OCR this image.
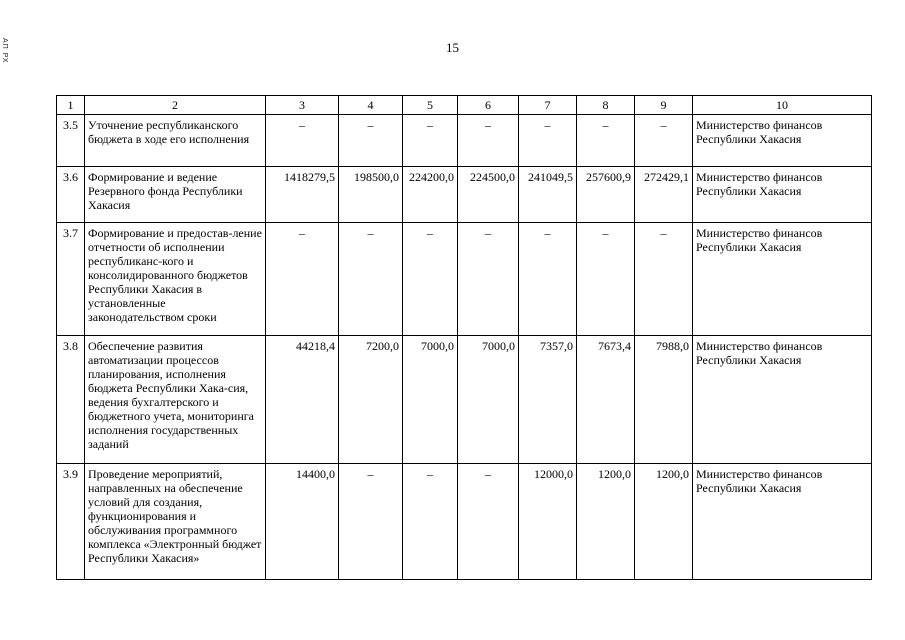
АП РХ	15
1	2	3	4	5	6	7	8	9	10
3.5	Уточнение республиканского бюджета в ходе его исполнения	–	–	–	–	–	–	–	Министерство финансов Республики Хакасия
3.6	Формирование и ведение Резервного фонда Республики Хакасия	1418279,5	198500,0	224200,0	224500,0	241049,5	257600,9	272429,1	Министерство финансов Республики Хакасия
3.7	Формирование и предостав-ление отчетности об исполнении республиканс-кого и консолидированного бюджетов Республики Хакасия в установленные законодательством сроки	–	–	–	–	–	–	–	Министерство финансов Республики Хакасия
3.8	Обеспечение развития автоматизации процессов планирования, исполнения бюджета Республики Хака-сия, ведения бухгалтерского и бюджетного учета, мониторинга исполнения государственных заданий	44218,4	7200,0	7000,0	7000,0	7357,0	7673,4	7988,0	Министерство финансов Республики Хакасия
3.9	Проведение мероприятий, направленных на обеспечение условий для создания, функционирования и обслуживания программного комплекса «Электронный бюджет Республики Хакасия»	14400,0	–	–	–	12000,0	1200,0	1200,0	Министерство финансов Республики Хакасия
